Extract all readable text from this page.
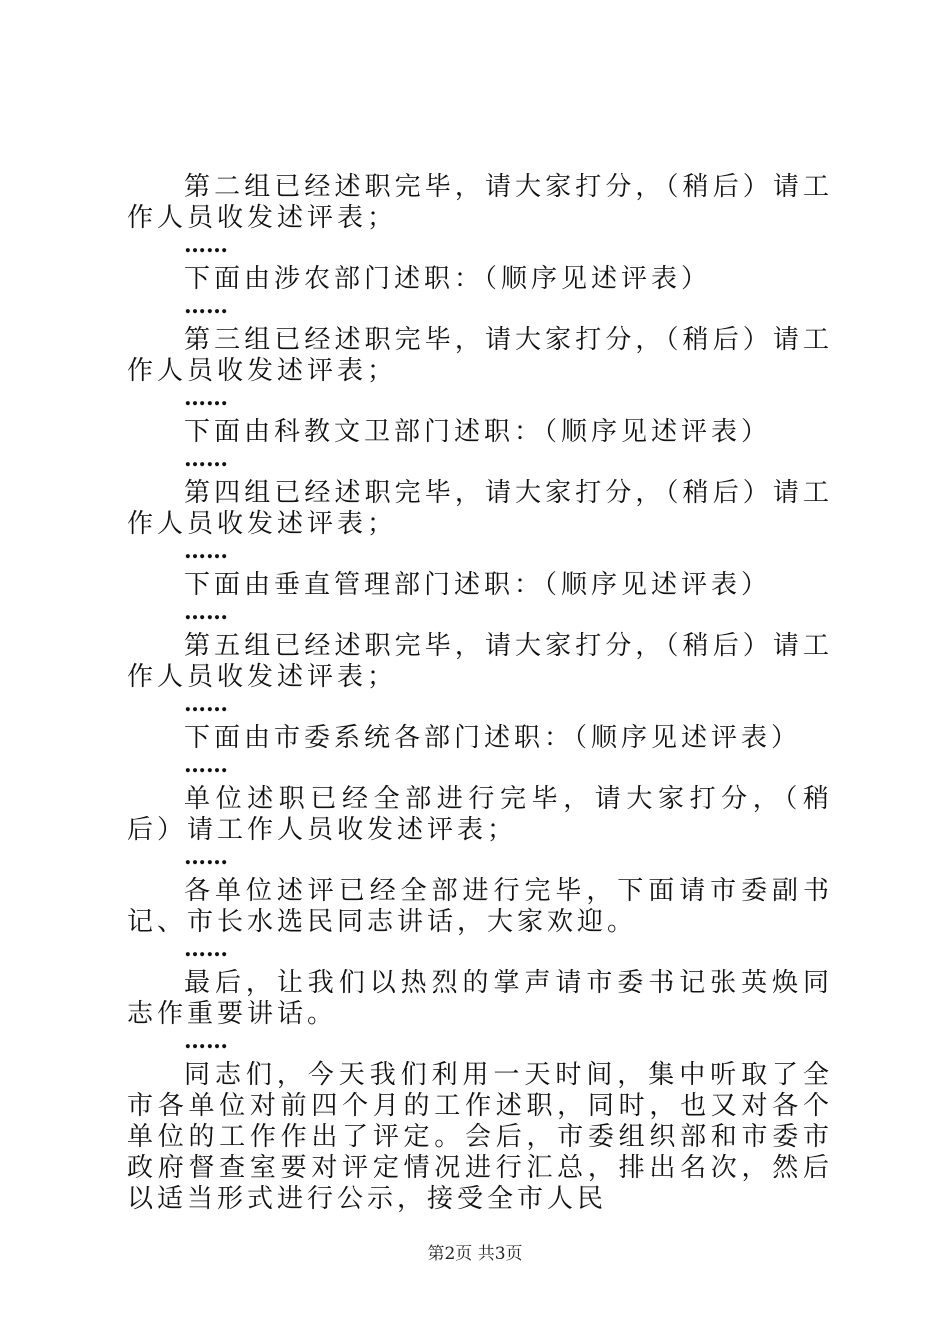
第二组已经述职完毕，请大家打分，（稍后）请工作人员收发述评表；

……

下面由涉农部门述职：（顺序见述评表）

……

第三组已经述职完毕，请大家打分，（稍后）请工作人员收发述评表；

……

下面由科教文卫部门述职：（顺序见述评表）

……

第四组已经述职完毕，请大家打分，（稍后）请工作人员收发述评表；

……

下面由垂直管理部门述职：（顺序见述评表）

……

第五组已经述职完毕，请大家打分，（稍后）请工作人员收发述评表；

……

下面由市委系统各部门述职：（顺序见述评表）

……

单位述职已经全部进行完毕，请大家打分，（稍后）请工作人员收发述评表；

……

各单位述评已经全部进行完毕，下面请市委副书记、市长水选民同志讲话，大家欢迎。

……

最后，让我们以热烈的掌声请市委书记张英焕同志作重要讲话。

……

同志们，今天我们利用一天时间，集中听取了全市各单位对前四个月的工作述职，同时，也又对各个单位的工作作出了评定。会后，市委组织部和市委市政府督查室要对评定情况进行汇总，排出名次，然后以适当形式进行公示，接受全市人民

第2页 共3页
